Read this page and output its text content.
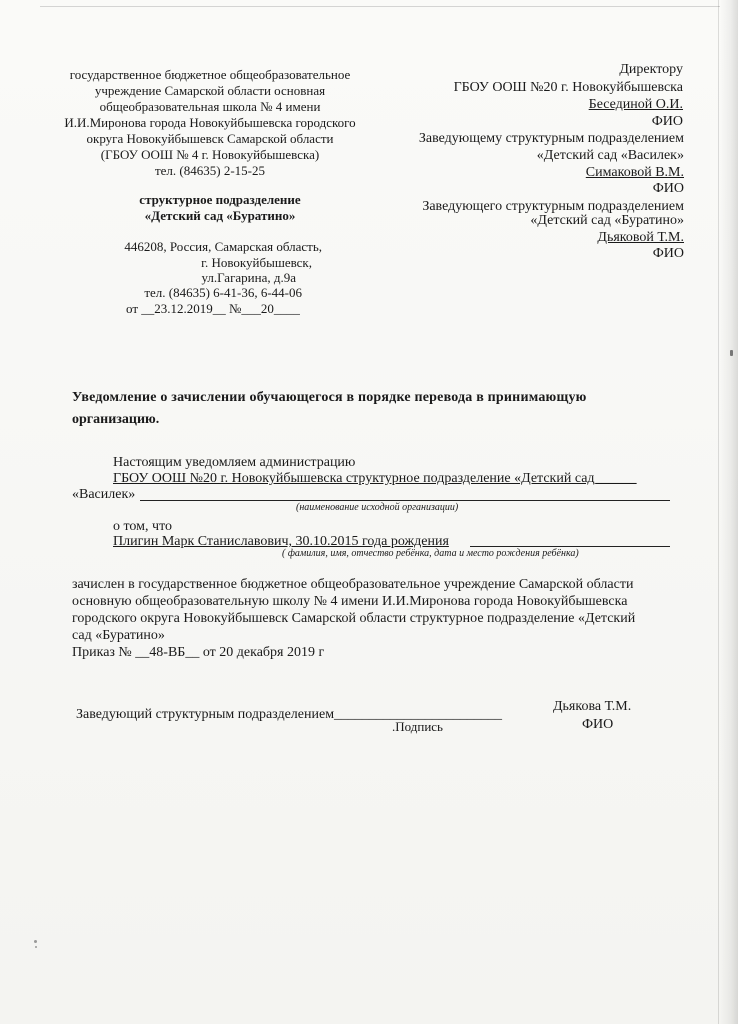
государственное бюджетное общеобразовательное
учреждение Самарской области основная
общеобразовательная школа № 4 имени
И.И.Миронова города Новокуйбышевска городского
округа Новокуйбышевск Самарской области
(ГБОУ ООШ № 4 г. Новокуйбышевска)
тел. (84635) 2-15-25
структурное подразделение
«Детский сад «Буратино»
446208, Россия, Самарская область,
г. Новокуйбышевск,
ул.Гагарина, д.9а
тел. (84635) 6-41-36, 6-44-06
от __23.12.2019__ №___20____
Директору
ГБОУ ООШ №20 г. Новокуйбышевска
Бесединой О.И.
ФИО
Заведующему структурным подразделением
«Детский сад «Василек»
Симаковой В.М.
ФИО
Заведующего структурным подразделением
«Детский сад «Буратино»
Дьяковой Т.М.
ФИО
Уведомление о зачислении обучающегося в порядке перевода в принимающую
организацию.
Настоящим уведомляем администрацию
ГБОУ ООШ №20 г. Новокуйбышевска структурное подразделение «Детский сад______
«Василек»
(наименование исходной организации)
о том, что
Плигин Марк Станиславович, 30.10.2015 года рождения
( фамилия, имя, отчество ребёнка, дата и место рождения ребёнка)
зачислен в государственное бюджетное общеобразовательное учреждение Самарской области
основную общеобразовательную школу № 4 имени И.И.Миронова города Новокуйбышевска
городского округа Новокуйбышевск Самарской области структурное подразделение «Детский
сад «Буратино»
Приказ № __48-ВБ__ от 20 декабря 2019 г
Заведующий структурным подразделением________________________
.Подпись
Дьякова Т.М.
ФИО
